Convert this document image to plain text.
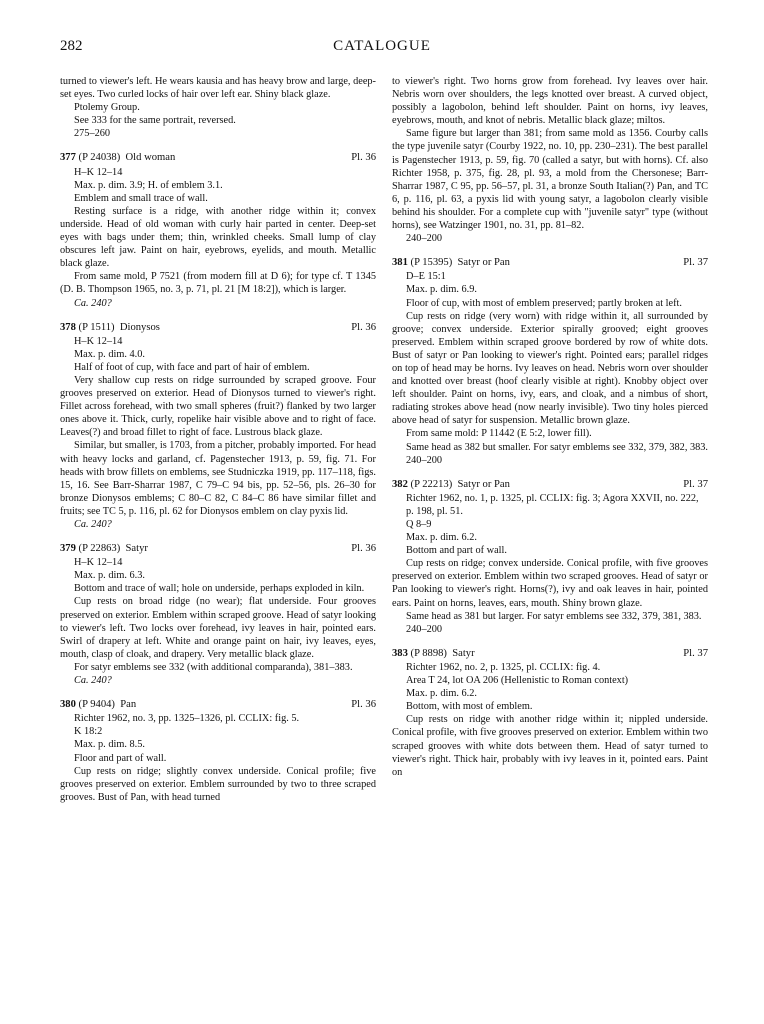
282	CATALOGUE

turned to viewer's left. He wears kausia and has heavy brow and large, deep-set eyes. Two curled locks of hair over left ear. Shiny black glaze.

Ptolemy Group.

See 333 for the same portrait, reversed.

275–260

377 (P 24038) Old woman	Pl. 36

H–K 12–14

Max. p. dim. 3.9; H. of emblem 3.1.

Emblem and small trace of wall.

Resting surface is a ridge, with another ridge within it; convex underside. Head of old woman with curly hair parted in center. Deep-set eyes with bags under them; thin, wrinkled cheeks. Small lump of clay obscures left jaw. Paint on hair, eyebrows, eyelids, and mouth. Metallic black glaze.

From same mold, P 7521 (from modern fill at D 6); for type cf. T 1345 (D. B. Thompson 1965, no. 3, p. 71, pl. 21 [M 18:2]), which is larger.

Ca. 240?

378 (P 1511) Dionysos	Pl. 36

H–K 12–14

Max. p. dim. 4.0.

Half of foot of cup, with face and part of hair of emblem.

Very shallow cup rests on ridge surrounded by scraped groove. Four grooves preserved on exterior. Head of Dionysos turned to viewer's right. Fillet across forehead, with two small spheres (fruit?) flanked by two larger ones above it. Thick, curly, ropelike hair visible above and to right of face. Leaves(?) and broad fillet to right of face. Lustrous black glaze.

Similar, but smaller, is 1703, from a pitcher, probably imported. For head with heavy locks and garland, cf. Pagenstecher 1913, p. 59, fig. 71. For heads with brow fillets on emblems, see Studniczka 1919, pp. 117–118, figs. 15, 16. See Barr-Sharrar 1987, C 79–C 94 bis, pp. 52–56, pls. 26–30 for bronze Dionysos emblems; C 80–C 82, C 84–C 86 have similar fillet and fruits; see TC 5, p. 116, pl. 62 for Dionysos emblem on clay pyxis lid.

Ca. 240?

379 (P 22863) Satyr	Pl. 36

H–K 12–14

Max. p. dim. 6.3.

Bottom and trace of wall; hole on underside, perhaps exploded in kiln.

Cup rests on broad ridge (no wear); flat underside. Four grooves preserved on exterior. Emblem within scraped groove. Head of satyr looking to viewer's left. Two locks over forehead, ivy leaves in hair, pointed ears. Swirl of drapery at left. White and orange paint on hair, ivy leaves, eyes, mouth, clasp of cloak, and drapery. Very metallic black glaze.

For satyr emblems see 332 (with additional comparanda), 381–383.

Ca. 240?

380 (P 9404) Pan	Pl. 36

Richter 1962, no. 3, pp. 1325–1326, pl. CCLIX: fig. 5.

K 18:2

Max. p. dim. 8.5.

Floor and part of wall.

Cup rests on ridge; slightly convex underside. Conical profile; five grooves preserved on exterior. Emblem surrounded by two to three scraped grooves. Bust of Pan, with head turned

to viewer's right. Two horns grow from forehead. Ivy leaves over hair. Nebris worn over shoulders, the legs knotted over breast. A curved object, possibly a lagobolon, behind left shoulder. Paint on horns, ivy leaves, eyebrows, mouth, and knot of nebris. Metallic black glaze; miltos.

Same figure but larger than 381; from same mold as 1356. Courby calls the type juvenile satyr (Courby 1922, no. 10, pp. 230–231). The best parallel is Pagenstecher 1913, p. 59, fig. 70 (called a satyr, but with horns). Cf. also Richter 1958, p. 375, fig. 28, pl. 93, a mold from the Chersonese; Barr-Sharrar 1987, C 95, pp. 56–57, pl. 31, a bronze South Italian(?) Pan, and TC 6, p. 116, pl. 63, a pyxis lid with young satyr, a lagobolon clearly visible behind his shoulder. For a complete cup with "juvenile satyr" type (without horns), see Watzinger 1901, no. 31, pp. 81–82.

240–200

381 (P 15395) Satyr or Pan	Pl. 37

D–E 15:1

Max. p. dim. 6.9.

Floor of cup, with most of emblem preserved; partly broken at left.

Cup rests on ridge (very worn) with ridge within it, all surrounded by groove; convex underside. Exterior spirally grooved; eight grooves preserved. Emblem within scraped groove bordered by row of white dots. Bust of satyr or Pan looking to viewer's right. Pointed ears; parallel ridges on top of head may be horns. Ivy leaves on head. Nebris worn over shoulder and knotted over breast (hoof clearly visible at right). Knobby object over left shoulder. Paint on horns, ivy, ears, and cloak, and a nimbus of short, radiating strokes above head (now nearly invisible). Two tiny holes pierced above head of satyr for suspension. Metallic brown glaze.

From same mold: P 11442 (E 5:2, lower fill).

Same head as 382 but smaller. For satyr emblems see 332, 379, 382, 383.

240–200

382 (P 22213) Satyr or Pan	Pl. 37

Richter 1962, no. 1, p. 1325, pl. CCLIX: fig. 3; Agora XXVII, no. 222, p. 198, pl. 51.

Q 8–9

Max. p. dim. 6.2.

Bottom and part of wall.

Cup rests on ridge; convex underside. Conical profile, with five grooves preserved on exterior. Emblem within two scraped grooves. Head of satyr or Pan looking to viewer's right. Horns(?), ivy and oak leaves in hair, pointed ears. Paint on horns, leaves, ears, mouth. Shiny brown glaze.

Same head as 381 but larger. For satyr emblems see 332, 379, 381, 383.

240–200

383 (P 8898) Satyr	Pl. 37

Richter 1962, no. 2, p. 1325, pl. CCLIX: fig. 4.

Area T 24, lot OA 206 (Hellenistic to Roman context)

Max. p. dim. 6.2.

Bottom, with most of emblem.

Cup rests on ridge with another ridge within it; nippled underside. Conical profile, with five grooves preserved on exterior. Emblem within two scraped grooves with white dots between them. Head of satyr turned to viewer's right. Thick hair, probably with ivy leaves in it, pointed ears. Paint on
